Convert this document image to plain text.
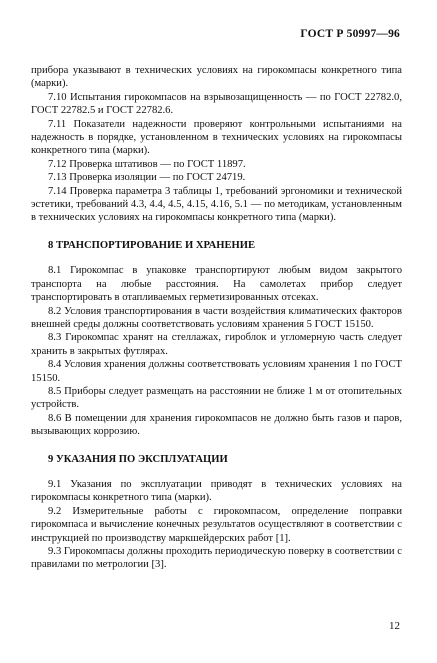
ГОСТ Р 50997—96

прибора указывают в технических условиях на гирокомпасы конкретного типа (марки).

7.10 Испытания гирокомпасов на взрывозащищенность — по ГОСТ 22782.0, ГОСТ 22782.5 и ГОСТ 22782.6.

7.11 Показатели надежности проверяют контрольными испытаниями на надежность в порядке, установленном в технических условиях на гирокомпасы конкретного типа (марки).

7.12 Проверка штативов — по ГОСТ 11897.

7.13 Проверка изоляции — по ГОСТ 24719.

7.14 Проверка параметра 3 таблицы 1, требований эргономики и технической эстетики, требований 4.3, 4.4, 4.5, 4.15, 4.16, 5.1 — по методикам, установленным в технических условиях на гирокомпасы конкретного типа (марки).

8 ТРАНСПОРТИРОВАНИЕ И ХРАНЕНИЕ

8.1 Гирокомпас в упаковке транспортируют любым видом закрытого транспорта на любые расстояния. На самолетах прибор следует транспортировать в отапливаемых герметизированных отсеках.

8.2 Условия транспортирования в части воздействия климатических факторов внешней среды должны соответствовать условиям хранения 5 ГОСТ 15150.

8.3 Гирокомпас хранят на стеллажах, гироблок и угломерную часть следует хранить в закрытых футлярах.

8.4 Условия хранения должны соответствовать условиям хранения 1 по ГОСТ 15150.

8.5 Приборы следует размещать на расстоянии не ближе 1 м от отопительных устройств.

8.6 В помещении для хранения гирокомпасов не должно быть газов и паров, вызывающих коррозию.

9 УКАЗАНИЯ ПО ЭКСПЛУАТАЦИИ

9.1 Указания по эксплуатации приводят в технических условиях на гирокомпасы конкретного типа (марки).

9.2 Измерительные работы с гирокомпасом, определение поправки гирокомпаса и вычисление конечных результатов осуществляют в соответствии с инструкцией по производству маркшейдерских работ [1].

9.3 Гирокомпасы должны проходить периодическую поверку в соответствии с правилами по метрологии [3].

12
